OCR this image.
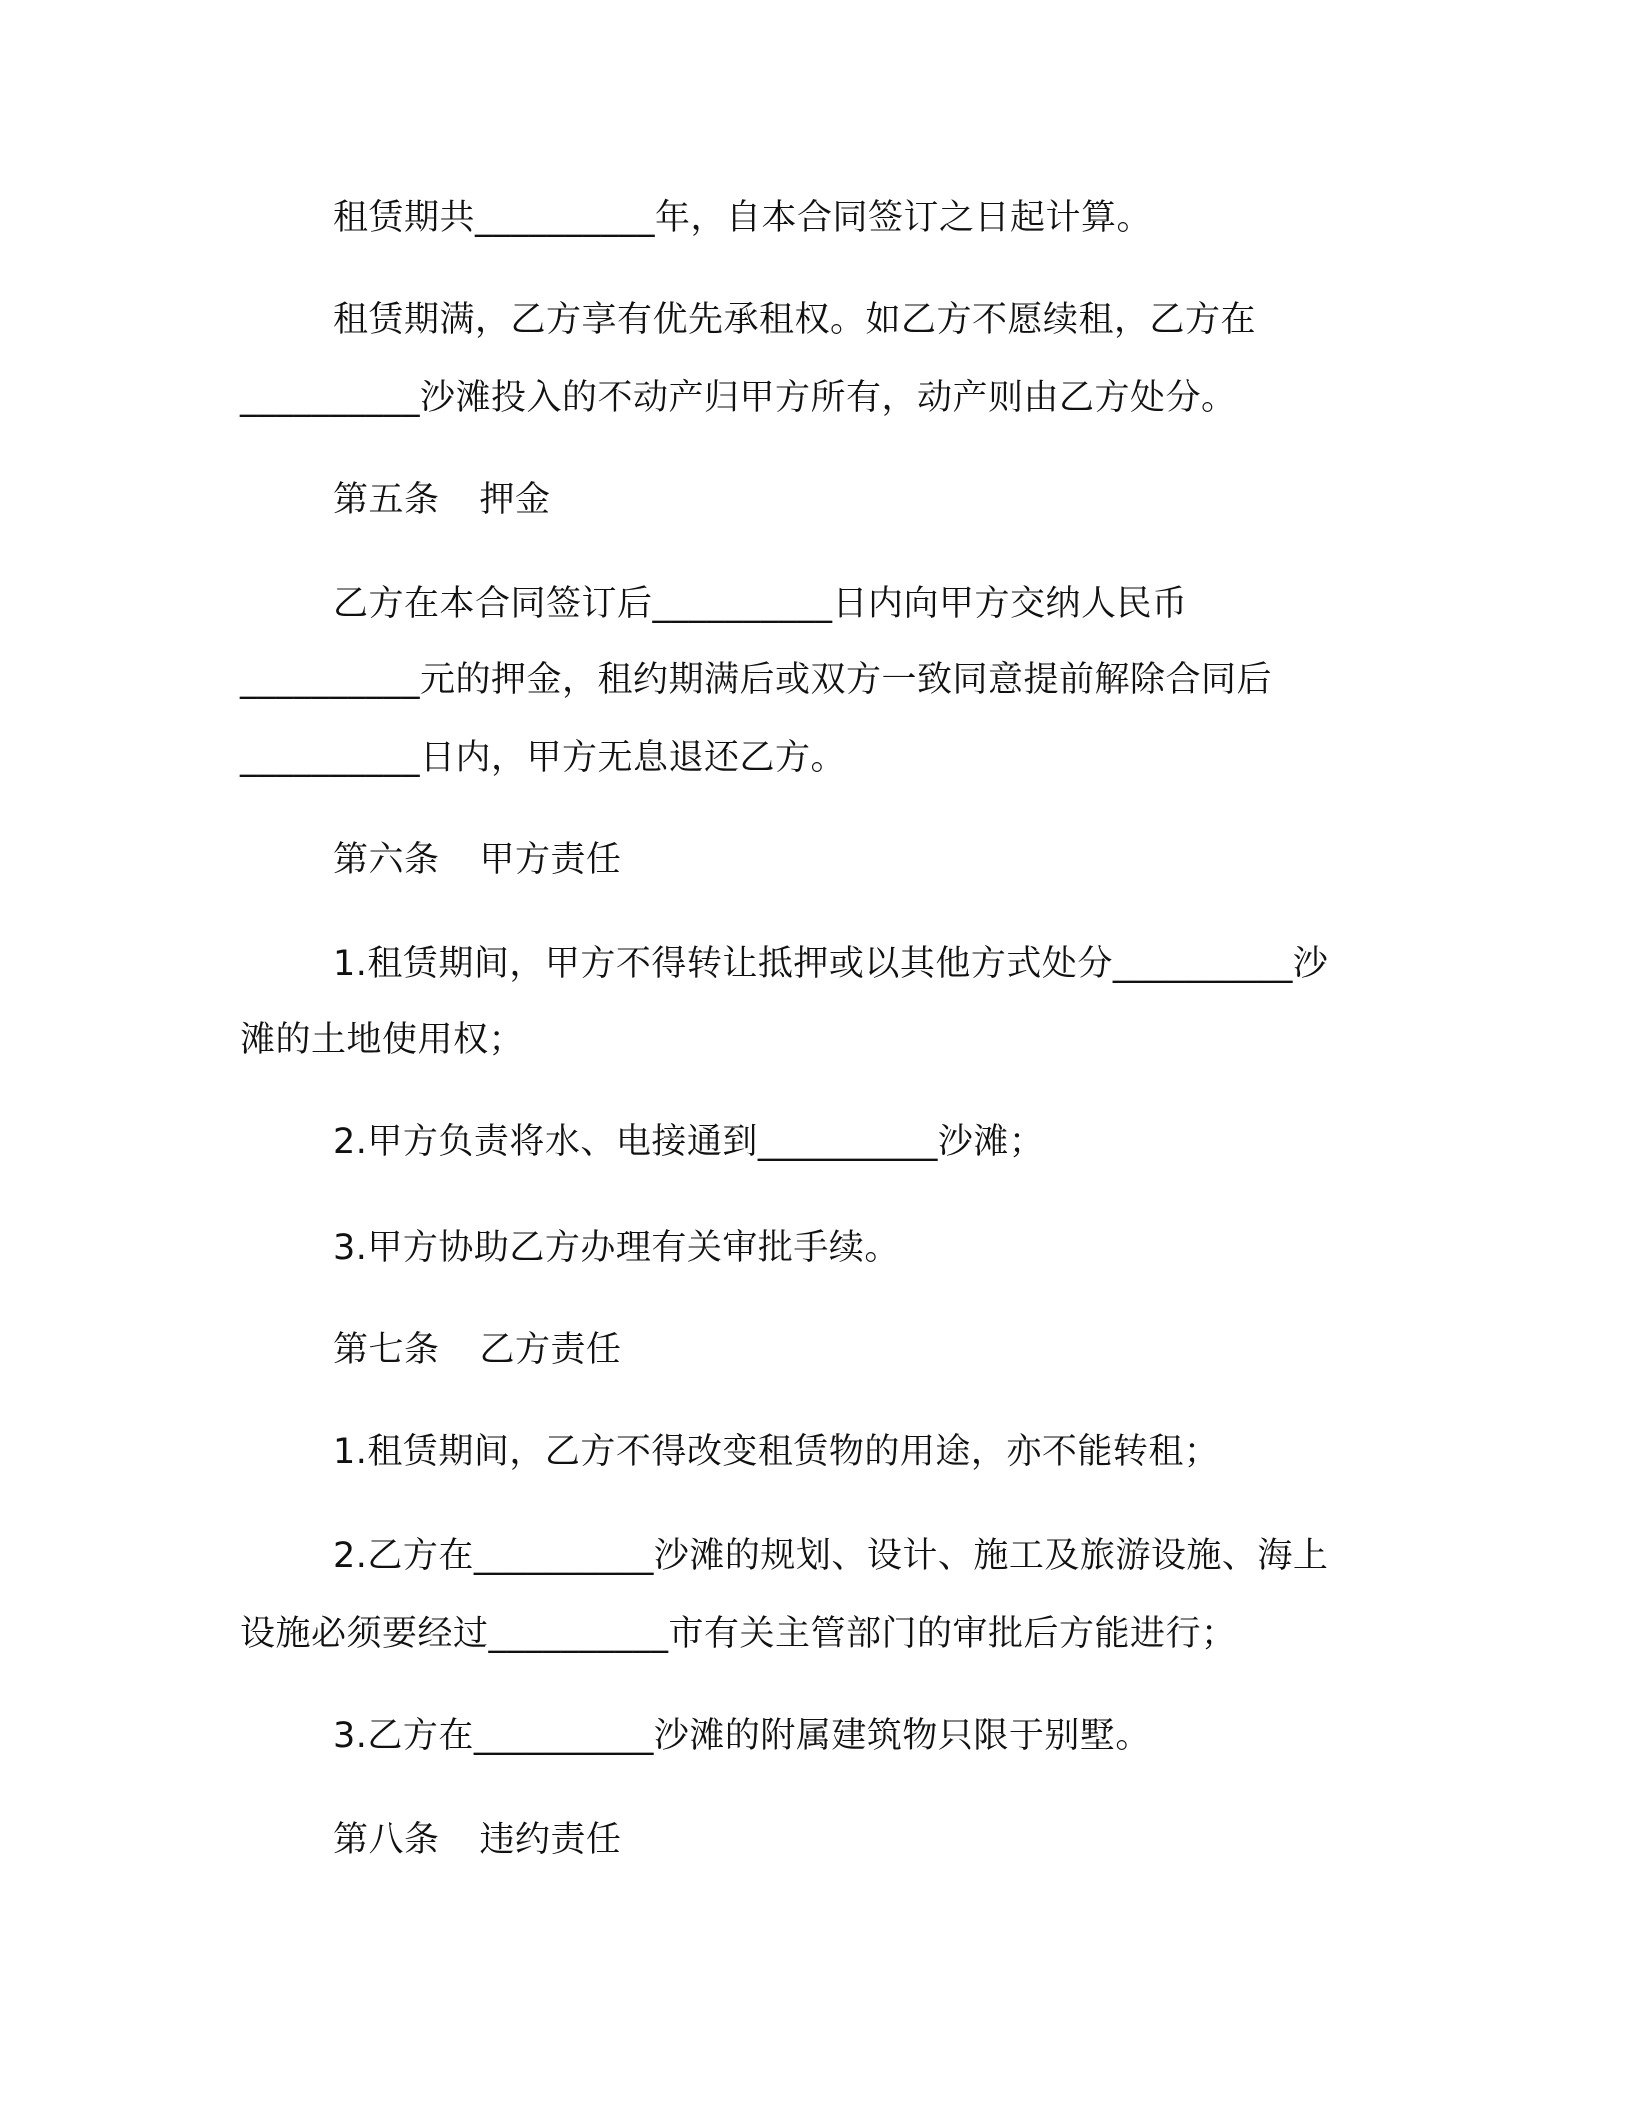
租赁期共__________年，自本合同签订之日起计算。
租赁期满，乙方享有优先承租权。如乙方不愿续租，乙方在
__________沙滩投入的不动产归甲方所有，动产则由乙方处分。
第五条 押金
乙方在本合同签订后__________日内向甲方交纳人民币
__________元的押金，租约期满后或双方一致同意提前解除合同后
__________日内，甲方无息退还乙方。
第六条 甲方责任
1.租赁期间，甲方不得转让抵押或以其他方式处分__________沙
滩的土地使用权；
2.甲方负责将水、电接通到__________沙滩；
3.甲方协助乙方办理有关审批手续。
第七条 乙方责任
1.租赁期间，乙方不得改变租赁物的用途，亦不能转租；
2.乙方在__________沙滩的规划、设计、施工及旅游设施、海上
设施必须要经过__________市有关主管部门的审批后方能进行；
3.乙方在__________沙滩的附属建筑物只限于别墅。
第八条 违约责任
